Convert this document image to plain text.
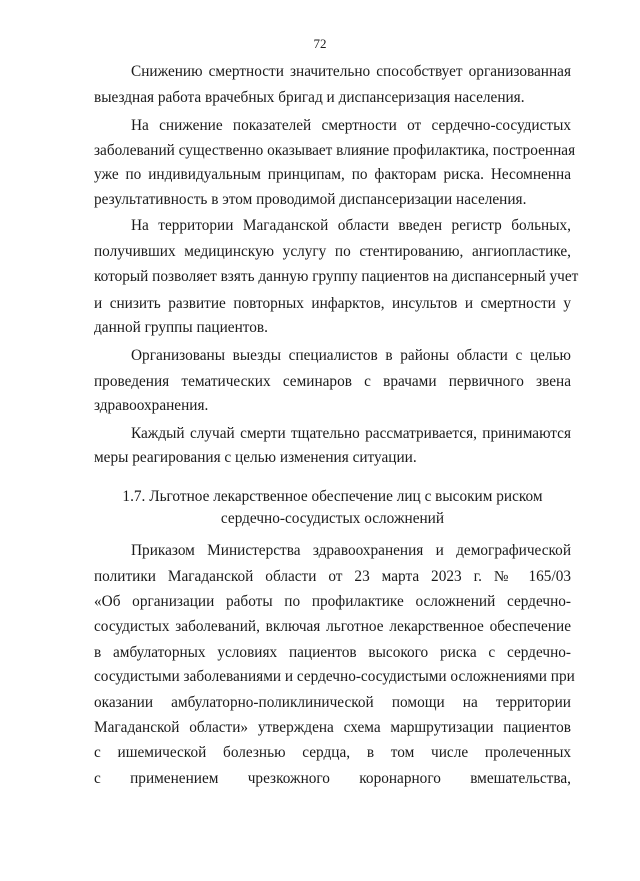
72
Снижению смертности значительно способствует организованная
выездная работа врачебных бригад и диспансеризация населения.
На снижение показателей смертности от сердечно-сосудистых
заболеваний существенно оказывает влияние профилактика, построенная
уже по индивидуальным принципам, по факторам риска. Несомненна
результативность в этом проводимой диспансеризации населения.
На территории Магаданской области введен регистр больных,
получивших медицинскую услугу по стентированию, ангиопластике,
который позволяет взять данную группу пациентов на диспансерный учет
и снизить развитие повторных инфарктов, инсультов и смертности у
данной группы пациентов.
Организованы выезды специалистов в районы области с целью
проведения тематических семинаров с врачами первичного звена
здравоохранения.
Каждый случай смерти тщательно рассматривается, принимаются
меры реагирования с целью изменения ситуации.
1.7. Льготное лекарственное обеспечение лиц с высоким риском
сердечно-сосудистых осложнений
Приказом Министерства здравоохранения и демографической
политики Магаданской области от 23 марта 2023 г. № 165/03
«Об организации работы по профилактике осложнений сердечно-
сосудистых заболеваний, включая льготное лекарственное обеспечение
в амбулаторных условиях пациентов высокого риска с сердечно-
сосудистыми заболеваниями и сердечно-сосудистыми осложнениями при
оказании амбулаторно-поликлинической помощи на территории
Магаданской области» утверждена схема маршрутизации пациентов
с ишемической болезнью сердца, в том числе пролеченных
с применением чрезкожного коронарного вмешательства,
